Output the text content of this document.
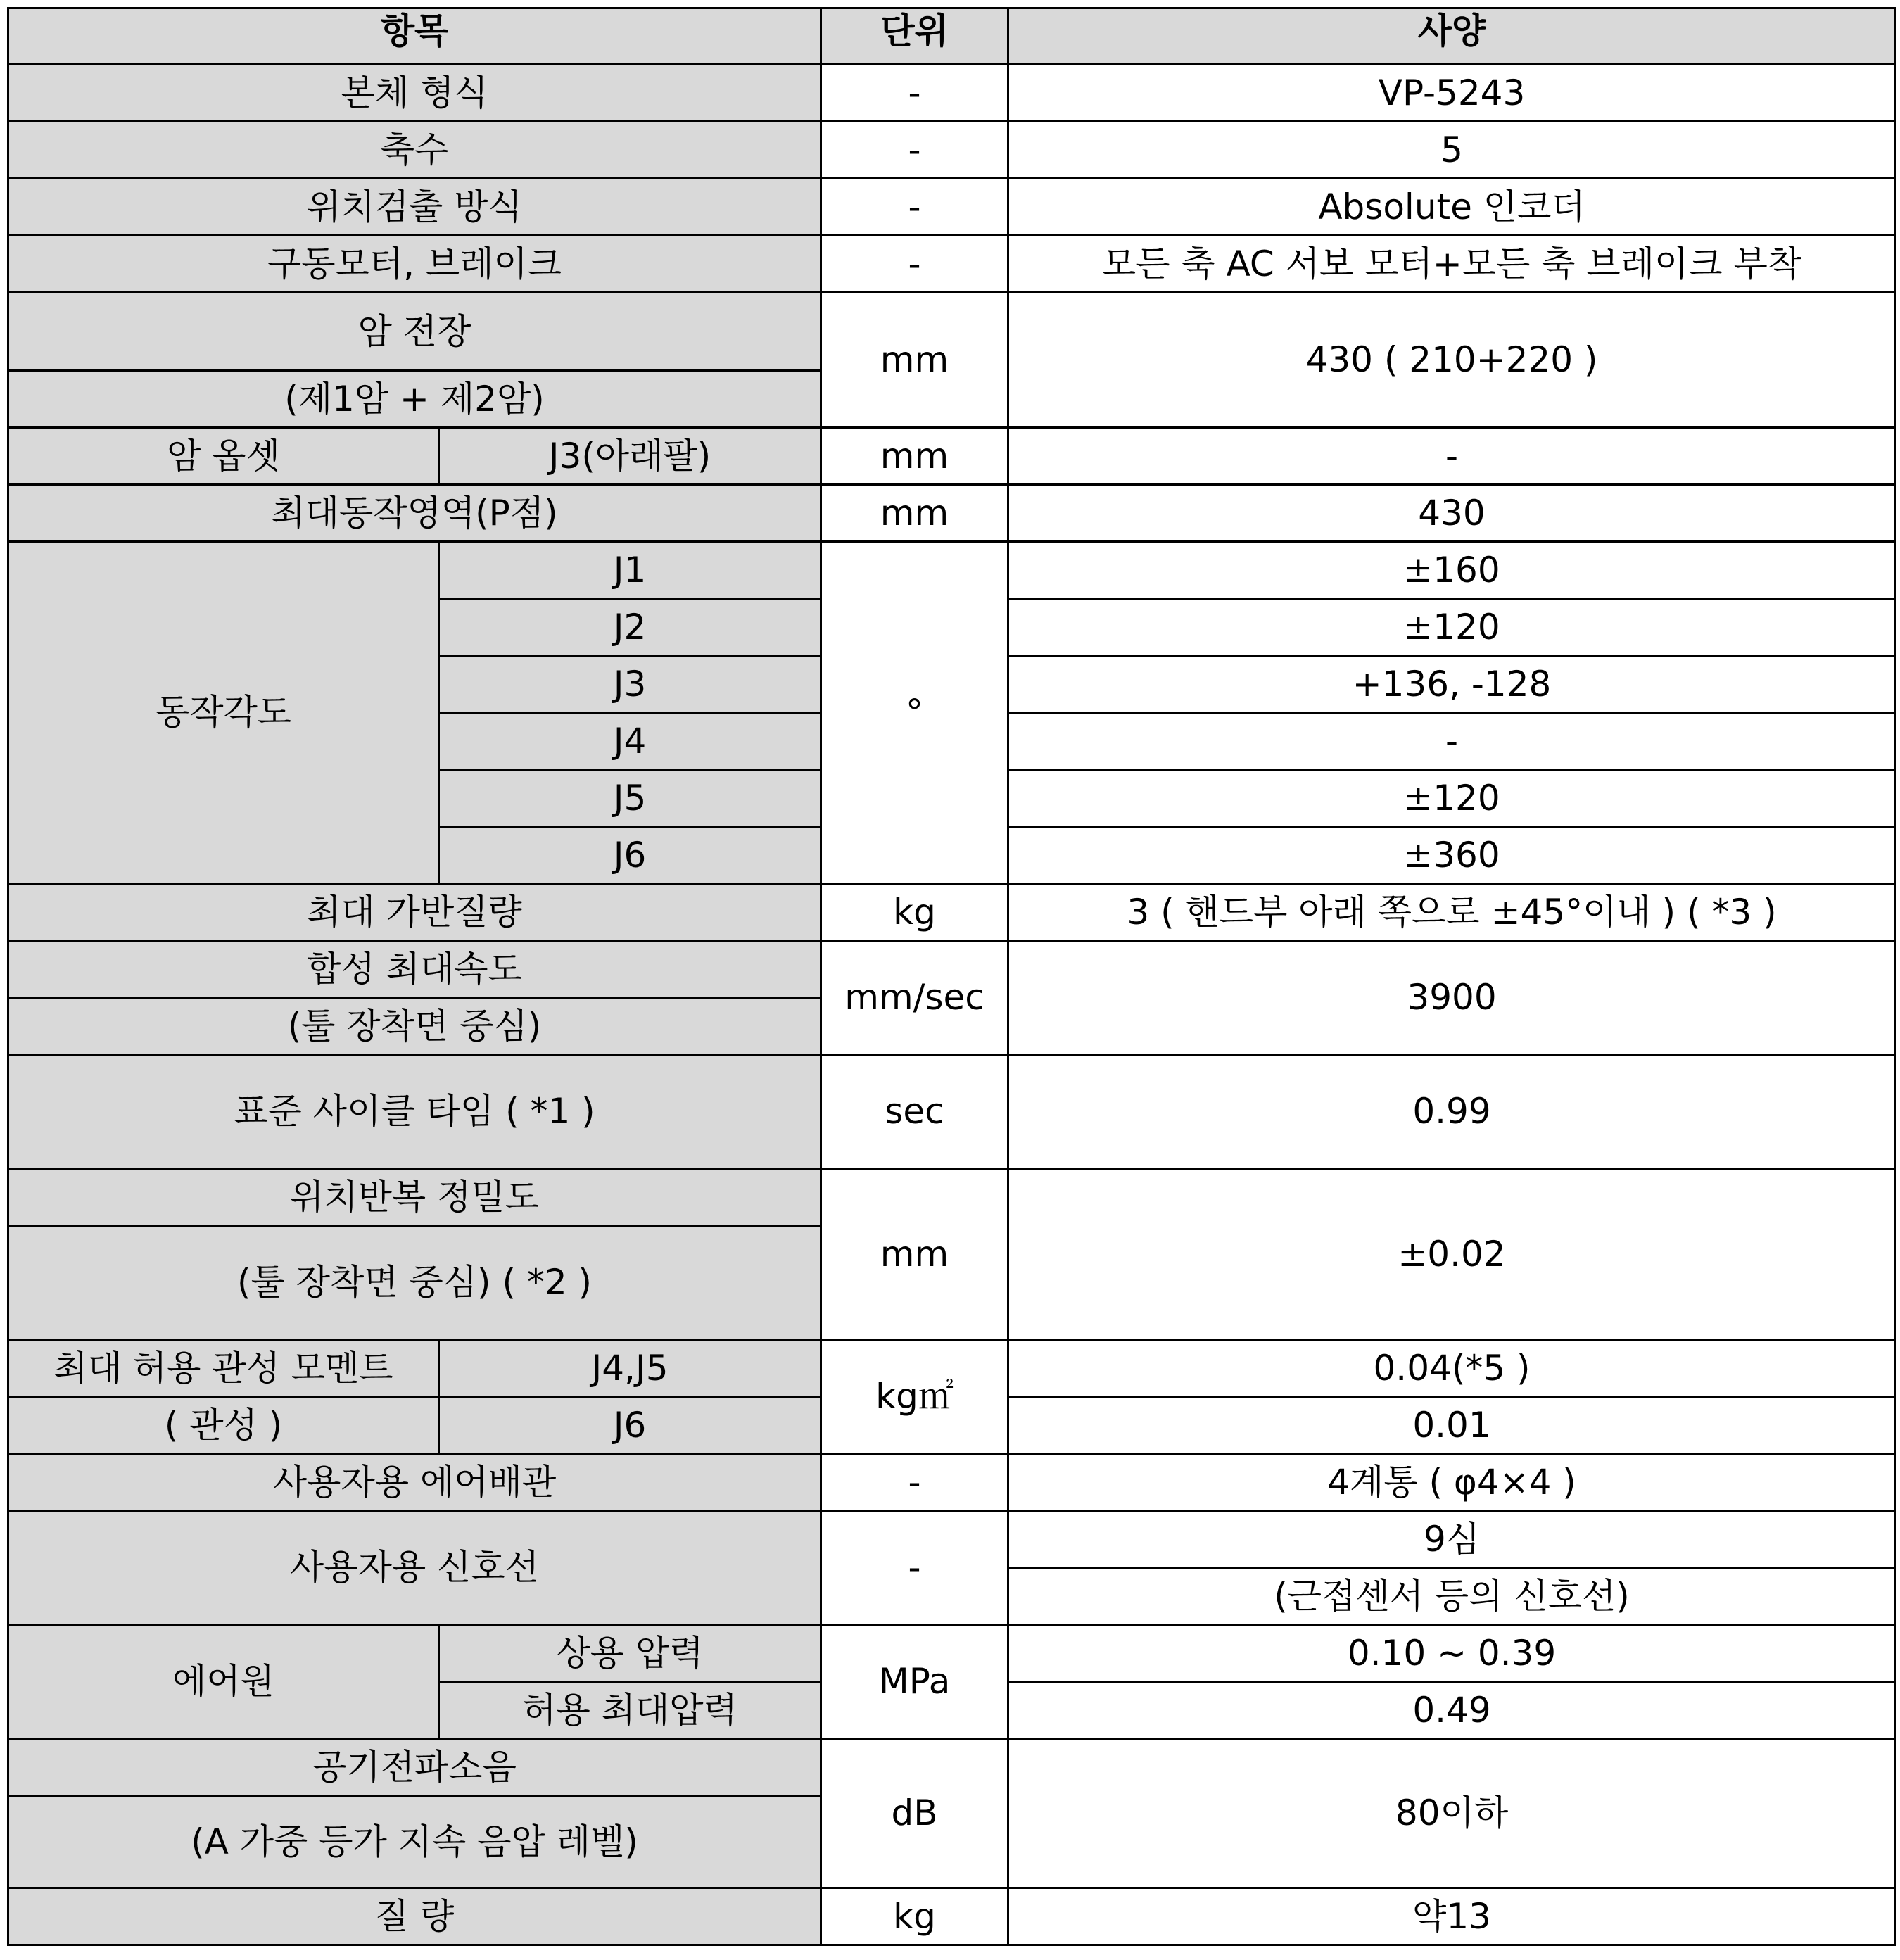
항목		단위	사양
본체 형식		-	VP-5243
축수		-	5
위치검출 방식		-	Absolute 인코더
구동모터, 브레이크		-	모든 축 AC 서보 모터+모든 축 브레이크 부착
암 전장		mm	430 ( 210+220 )
(제1암 + 제2암)			
암 옵셋	J3(아래팔)	mm	-
최대동작영역(P점)		mm	430
동작각도	J1	°	±160
	J2		±120
	J3		+136, -128
	J4		-
	J5		±120
	J6		±360
최대 가반질량		kg	3 ( 핸드부 아래 쪽으로 ±45°이내 ) ( *3 )
합성 최대속도		mm/sec	3900
(툴 장착면 중심)			
표준 사이클 타임 ( *1 )		sec	0.99
위치반복 정밀도		mm	±0.02
(툴 장착면 중심) ( *2 )			
최대 허용 관성 모멘트	J4,J5	kg㎡	0.04(*5 )
( 관성 )	J6		0.01
사용자용 에어배관		-	4계통 ( φ4×4 )
사용자용 신호선		-	9심
			(근접센서 등의 신호선)
에어원	상용 압력	MPa	0.10 ~ 0.39
	허용 최대압력		0.49
공기전파소음		dB	80이하
(A 가중 등가 지속 음압 레벨)			
질 량		kg	약13
